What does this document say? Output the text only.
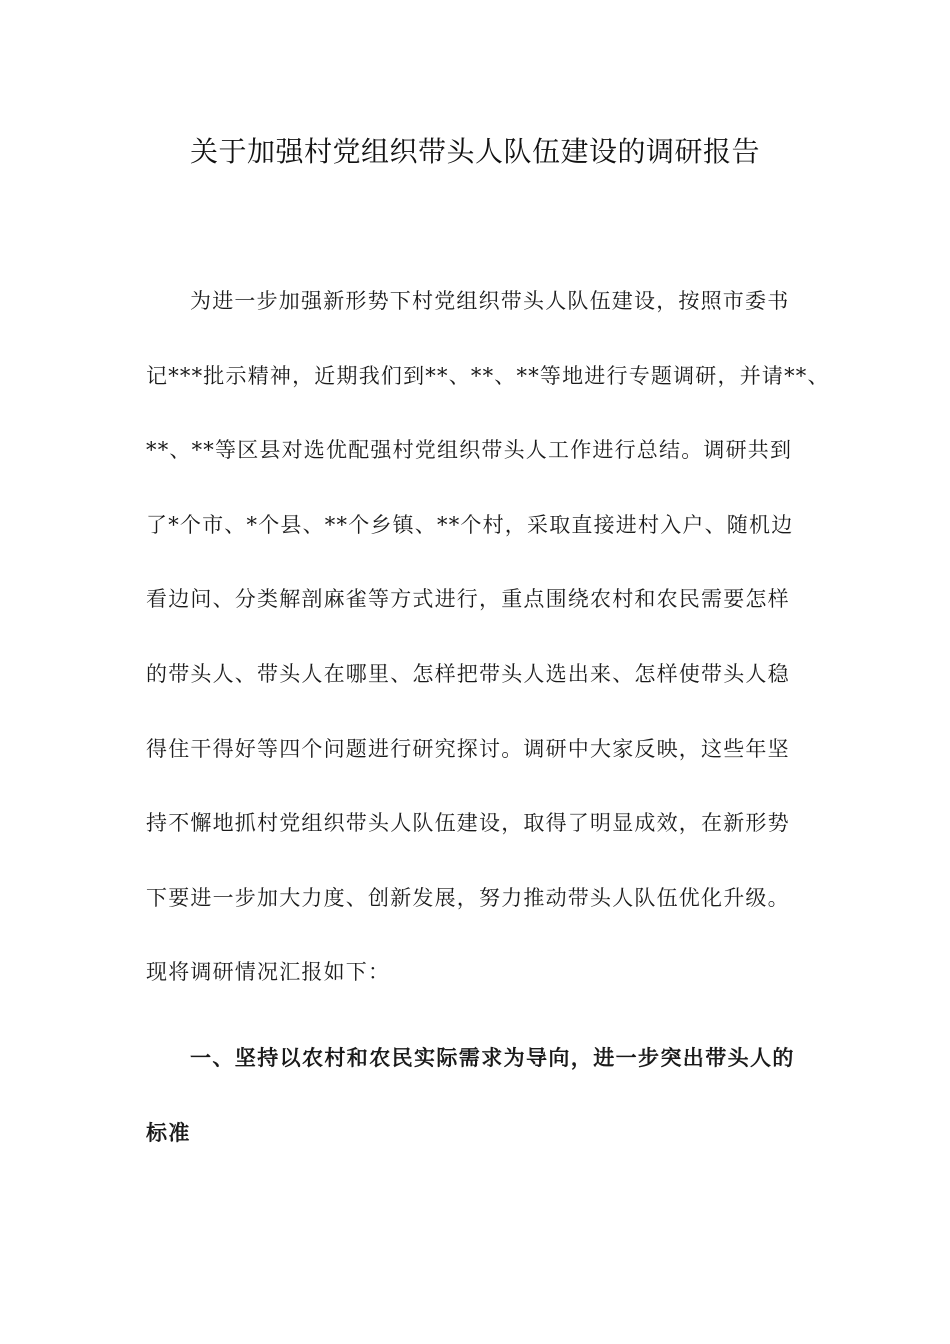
关于加强村党组织带头人队伍建设的调研报告
为进一步加强新形势下村党组织带头人队伍建设，按照市委书
记***批示精神，近期我们到**、**、**等地进行专题调研，并请**、
**、**等区县对选优配强村党组织带头人工作进行总结。调研共到
了*个市、*个县、**个乡镇、**个村，采取直接进村入户、随机边
看边问、分类解剖麻雀等方式进行，重点围绕农村和农民需要怎样
的带头人、带头人在哪里、怎样把带头人选出来、怎样使带头人稳
得住干得好等四个问题进行研究探讨。调研中大家反映，这些年坚
持不懈地抓村党组织带头人队伍建设，取得了明显成效，在新形势
下要进一步加大力度、创新发展，努力推动带头人队伍优化升级。
现将调研情况汇报如下：
一、坚持以农村和农民实际需求为导向，进一步突出带头人的
标准
